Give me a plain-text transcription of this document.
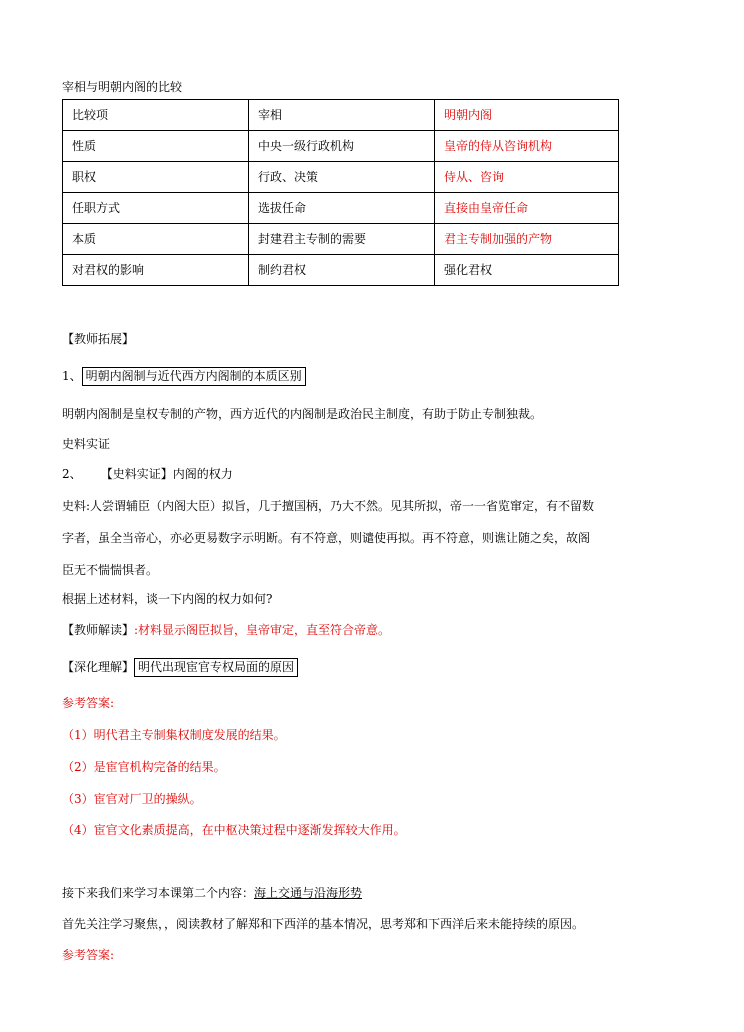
宰相与明朝内阁的比较
比较项	宰相	明朝内阁
性质	中央一级行政机构	皇帝的侍从咨询机构
职权	行政、决策	侍从、咨询
任职方式	选拔任命	直接由皇帝任命
本质	封建君主专制的需要	君主专制加强的产物
对君权的影响	制约君权	强化君权
【教师拓展】
1、 明朝内阁制与近代西方内阁制的本质区别
明朝内阁制是皇权专制的产物，西方近代的内阁制是政治民主制度，有助于防止专制独裁。
史料实证
2、 【史料实证】内阁的权力
史料:人尝谓辅臣（内阁大臣）拟旨，几于擅国柄，乃大不然。见其所拟，帝一一省览窜定，有不留数
字者，虽全当帝心，亦必更易数字示明断。有不符意，则谴使再拟。再不符意，则谯让随之矣，故阁
臣无不惴惴惧者。
根据上述材料，谈一下内阁的权力如何?
【教师解读】:材料显示阁臣拟旨，皇帝审定，直至符合帝意。
【深化理解】 明代出现宦官专权局面的原因
参考答案:
（1）明代君主专制集权制度发展的结果。
（2）是宦官机构完备的结果。
（3）宦官对厂卫的操纵。
（4）宦官文化素质提高，在中枢决策过程中逐渐发挥较大作用。
接下来我们来学习本课第二个内容：海上交通与沿海形势
首先关注学习聚焦，，阅读教材了解郑和下西洋的基本情况，思考郑和下西洋后来未能持续的原因。
参考答案:
